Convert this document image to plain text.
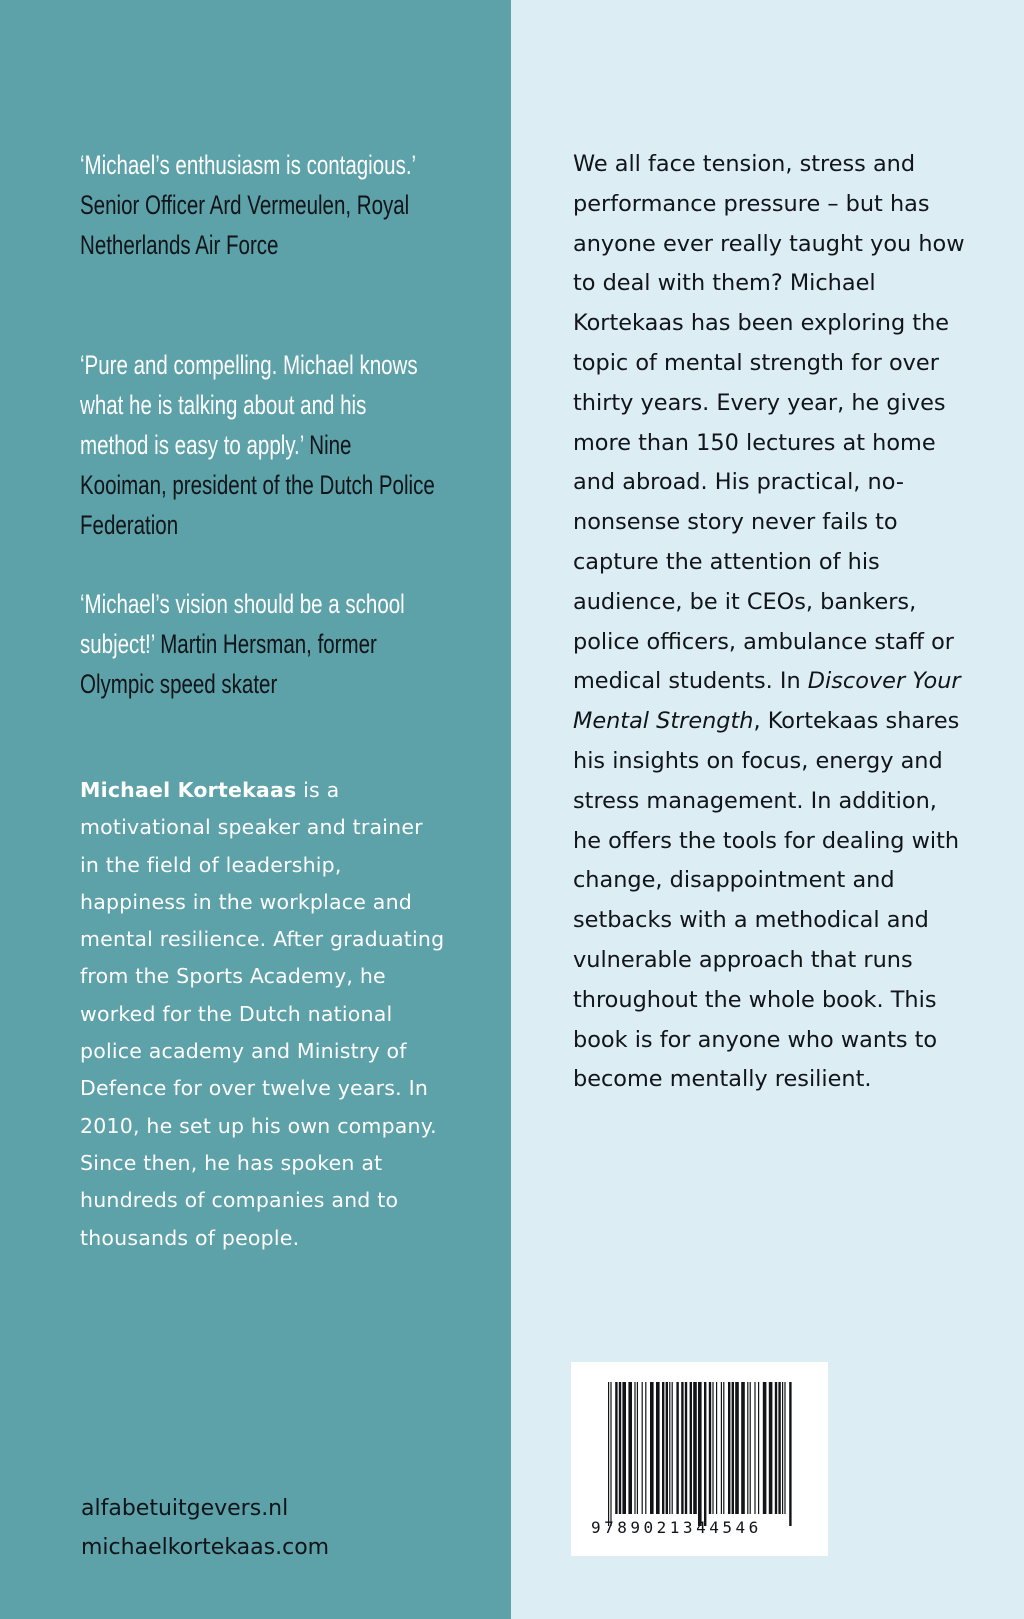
‘Michael’s enthusiasm is contagious.’ Senior Officer Ard Vermeulen, Royal Netherlands Air Force

‘Pure and compelling. Michael knows what he is talking about and his method is easy to apply.’ Nine Kooiman, president of the Dutch Police Federation

‘Michael’s vision should be a school subject!’ Martin Hersman, former Olympic speed skater

Michael Kortekaas is a motivational speaker and trainer in the field of leadership, happiness in the workplace and mental resilience. After graduating from the Sports Academy, he worked for the Dutch national police academy and Ministry of Defence for over twelve years. In 2010, he set up his own company. Since then, he has spoken at hundreds of companies and to thousands of people.

alfabetuitgevers.nl
michaelkortekaas.com

We all face tension, stress and performance pressure – but has anyone ever really taught you how to deal with them? Michael Kortekaas has been exploring the topic of mental strength for over thirty years. Every year, he gives more than 150 lectures at home and abroad. His practical, no-nonsense story never fails to capture the attention of his audience, be it CEOs, bankers, police officers, ambulance staff or medical students. In Discover Your Mental Strength, Kortekaas shares his insights on focus, energy and stress management. In addition, he offers the tools for dealing with change, disappointment and setbacks with a methodical and vulnerable approach that runs throughout the whole book. This book is for anyone who wants to become mentally resilient.

9789021344546
